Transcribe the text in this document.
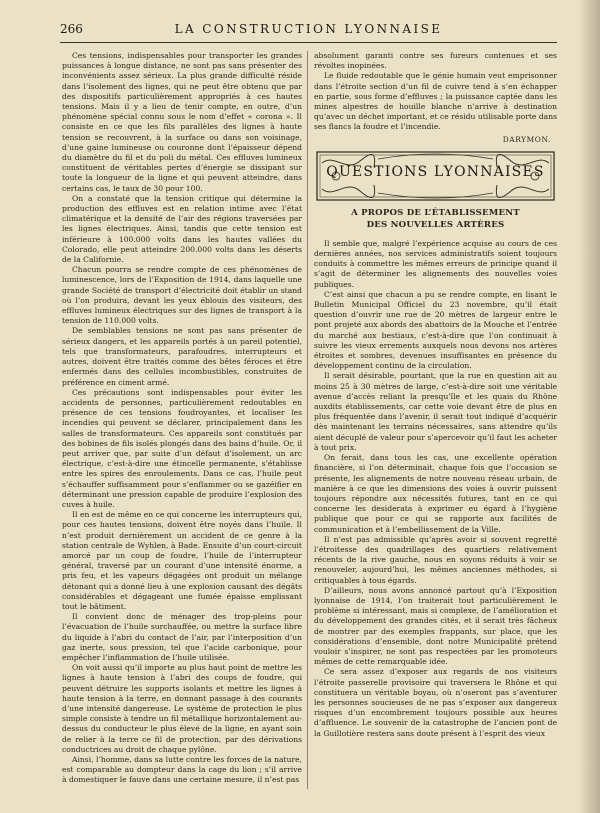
266	LA CONSTRUCTION LYONNAISE

Ces tensions, indispensables pour transporter les grandes puissances à longue distance, ne sont pas sans présenter des inconvénients assez sérieux. La plus grande difficulté réside dans l’isolement des lignes, qui ne peut être obtenu que par des dispositifs particulièrement appropriés à ces hautes tensions. Mais il y a lieu de tenir compte, en outre, d’un phénomène spécial connu sous le nom d’effet « corona ». Il consiste en ce que les fils parallèles des lignes à haute tension se recouvrent, à la surface ou dans son voisinage, d’une gaine lumineuse ou couronne dont l’épaisseur dépend du diamètre du fil et du poli du métal. Ces effluves lumineux constituent de véritables pertes d’énergie se dissipant sur toute la longueur de la ligne et qui peuvent atteindre, dans certains cas, le taux de 30 pour 100.

On a constaté que la tension critique qui détermine la production des effluves est en relation intime avec l’état climatérique et la densité de l’air des régions traversées par les lignes électriques. Ainsi, tandis que cette tension est inférieure à 100.000 volts dans les hautes vallées du Colorado, elle peut atteindre 200.000 volts dans les déserts de la Californie.

Chacun pourra se rendre compte de ces phénomènes de luminescence, lors de l’Exposition de 1914, dans laquelle une grande Société de transport d’électricité doit établir un stand où l’on produira, devant les yeux éblouis des visiteurs, des effluves lumineux électriques sur des lignes de transport à la tension de 110.000 volts.

De semblables tensions ne sont pas sans présenter de sérieux dangers, et les appareils portés à un pareil potentiel, tels que transformateurs, parafoudres, interrupteurs et autres, doivent être traités comme des bêtes féroces et être enfermés dans des cellules incombustibles, construites de préférence en ciment armé.

Ces précautions sont indispensables pour éviter les accidents de personnes, particulièrement redoutables en présence de ces tensions foudroyantes, et localiser les incendies qui peuvent se déclarer, principalement dans les salles de transformateurs. Ces appareils sont constitués par des bobines de fils isolés plongés dans des bains d’huile. Or, il peut arriver que, par suite d’un défaut d’isolement, un arc électrique, c’est-à-dire une étincelle permanente, s’établisse entre les spires des enroulements. Dans ce cas, l’huile peut s’échauffer suffisamment pour s’enflammer ou se gazéifier en déterminant une pression capable de produire l’explosion des cuves à huile.

Il en est de même en ce qui concerne les interrupteurs qui, pour ces hautes tensions, doivent être noyés dans l’huile. Il n’est produit dernièrement un accident de ce genre à la station centrale de Wyhlen, à Bade. Ensuite d’un court-circuit amorcé par un coup de foudre, l’huile de l’interrupteur général, traversé par un courant d’une intensité énorme, a pris feu, et les vapeurs dégagées ont produit un mélange détonant qui a donné lieu à une explosion causant des dégâts considérables et dégageant une fumée épaisse emplissant tout le bâtiment.

Il convient donc de ménager des trop-pleins pour l’évacuation de l’huile surchauffée, ou mettre la surface libre du liquide à l’abri du contact de l’air, par l’interposition d’un gaz inerte, sous pression, tel que l’acide carbonique, pour empêcher l’inflammation de l’huile utilisée.

On voit aussi qu’il importe au plus haut point de mettre les lignes à haute tension à l’abri des coups de foudre, qui peuvent détruire les supports isolants et mettre les lignes à haute tension à la terre, en donnant passage à des courants d’une intensité dangereuse. Le système de protection le plus simple consiste à tendre un fil métallique horizontalement au-dessus du conducteur le plus élevé de la ligne, en ayant soin de relier à la terre ce fil de protection, par des dérivations conductrices au droit de chaque pylône.

Ainsi, l’homme, dans sa lutte contre les forces de la nature, est comparable au dompteur dans la cage du lion ; s’il arrive à domestiquer le fauve dans une certaine mesure, il n’est pas

absolument garanti contre ses fureurs contenues et ses révoltes inopinées.

Le fluide redoutable que le génie humain veut emprisonner dans l’étroite section d’un fil de cuivre tend à s’en échapper en partie, sous forme d’effluves ; la puissance captée dans les mines alpestres de houille blanche n’arrive à destination qu’avec un déchet important, et ce résidu utilisable porte dans ses flancs la foudre et l’incendie.

DARYMON.
QUESTIONS LYONNAISES
A PROPOS DE L’ÉTABLISSEMENT
DES NOUVELLES ARTÈRES

Il semble que, malgré l’expérience acquise au cours de ces dernières années, nos services administratifs soient toujours conduits à commettre les mêmes erreurs de principe quand il s’agit de déterminer les alignements des nouvelles voies publiques.

C’est ainsi que chacun a pu se rendre compte, en lisant le Bulletin Municipal Officiel du 23 novembre, qu’il était question d’ouvrir une rue de 20 mètres de largeur entre le pont projeté aux abords des abattoirs de la Mouche et l’entrée du marché aux bestiaux, c’est-à-dire que l’on continuait à suivre les vieux errements auxquels nous devons nos artères étroites et sombres, devenues insuffisantes en présence du développement continu de la circulation.

Il serait désirable, pourtant, que la rue en question ait au moins 25 à 30 mètres de large, c’est-à-dire soit une véritable avenue d’accès reliant la presqu’île et les quais du Rhône auxdits établissements, car cette voie devant être de plus en plus fréquentée dans l’avenir, il serait tout indiqué d’acquérir dès maintenant les terrains nécessaires, sans attendre qu’ils aient décuplé de valeur pour s’apercevoir qu’il faut les acheter à tout prix.

On ferait, dans tous les cas, une excellente opération financière, si l’on déterminait, chaque fois que l’occasion se présente, les alignements de notre nouveau réseau urbain, de manière à ce que les dimensions des voies à ouvrir puissent toujours répondre aux nécessités futures, tant en ce qui concerne les desiderata à exprimer eu égard à l’hygiène publique que pour ce qui se rapporte aux facilités de communication et à l’embellissement de la Ville.

Il n’est pas admissible qu’après avoir si souvent regretté l’étroitesse des quadrillages des quartiers relativement récents de la rive gauche, nous en soyons réduits à voir se renouveler, aujourd’hui, les mêmes anciennes méthodes, si critiquables à tous égards.

D’ailleurs, nous avons annoncé partout qu’à l’Exposition lyonnaise de 1914, l’on traiterait tout particulièrement le problème si intéressant, mais si complexe, de l’amélioration et du développement des grandes cités, et il serait très fâcheux de montrer par des exemples frappants, sur place, que les considérations d’ensemble, dont notre Municipalité prétend vouloir s’inspirer, ne sont pas respectées par les promoteurs mêmes de cette remarquable idée.

Ce sera assez d’exposer aux regards de nos visiteurs l’étroite passerelle provisoire qui traversera le Rhône et qui constituera un véritable boyau, où n’oseront pas s’aventurer les personnes soucieuses de ne pas s’exposer aux dangereux risques d’un encombrement toujours possible aux heures d’affluence. Le souvenir de la catastrophe de l’ancien pont de la Guillotière restera sans doute présent à l’esprit des vieux
